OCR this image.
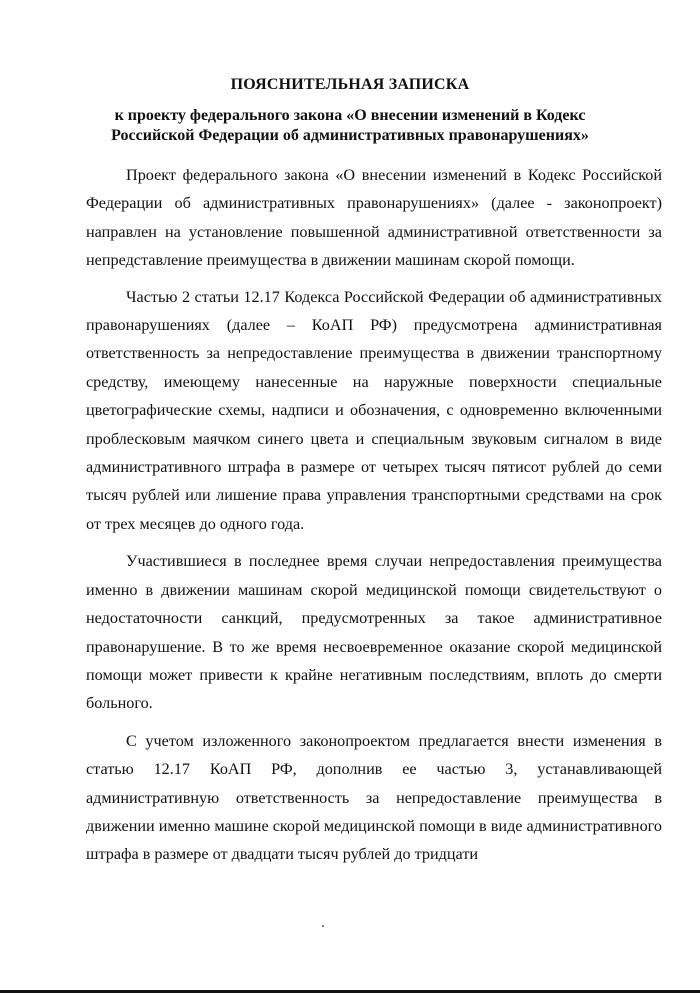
ПОЯСНИТЕЛЬНАЯ ЗАПИСКА
к проекту федерального закона «О внесении изменений в Кодекс
Российской Федерации об административных правонарушениях»

Проект федерального закона «О внесении изменений в Кодекс Российской Федерации об административных правонарушениях» (далее - законопроект) направлен на установление повышенной административной ответственности за непредставление преимущества в движении машинам скорой помощи.

Частью 2 статьи 12.17 Кодекса Российской Федерации об административных правонарушениях (далее – КоАП РФ) предусмотрена административная ответственность за непредоставление преимущества в движении транспортному средству, имеющему нанесенные на наружные поверхности специальные цветографические схемы, надписи и обозначения, с одновременно включенными проблесковым маячком синего цвета и специальным звуковым сигналом в виде административного штрафа в размере от четырех тысяч пятисот рублей до семи тысяч рублей или лишение права управления транспортными средствами на срок от трех месяцев до одного года.

Участившиеся в последнее время случаи непредоставления преимущества именно в движении машинам скорой медицинской помощи свидетельствуют о недостаточности санкций, предусмотренных за такое административное правонарушение. В то же время несвоевременное оказание скорой медицинской помощи может привести к крайне негативным последствиям, вплоть до смерти больного.

С учетом изложенного законопроектом предлагается внести изменения в статью 12.17 КоАП РФ, дополнив ее частью 3, устанавливающей административную ответственность за непредоставление преимущества в движении именно машине скорой медицинской помощи в виде административного штрафа в размере от двадцати тысяч рублей до тридцати
